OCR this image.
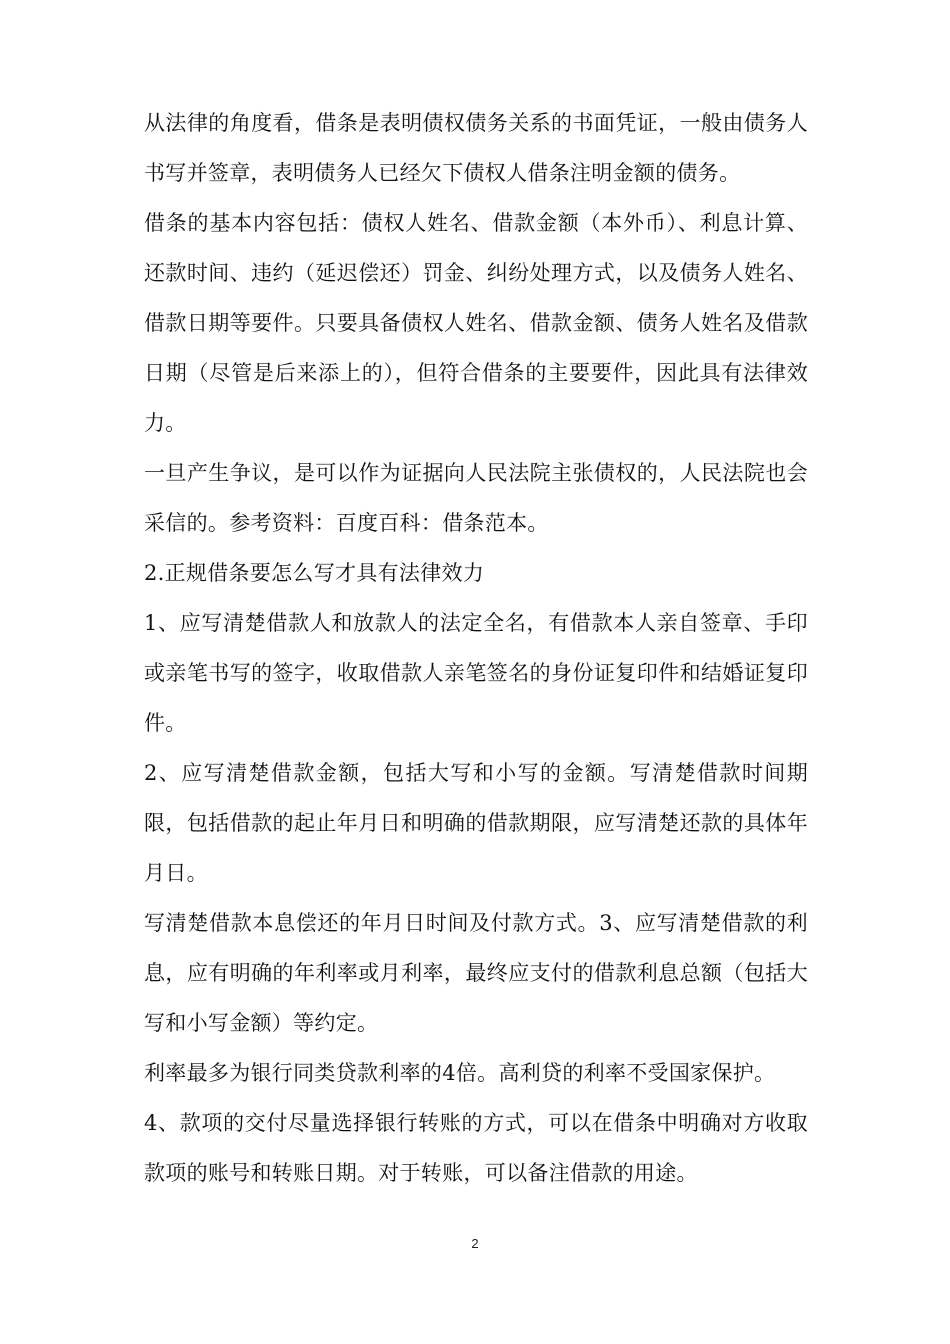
从法律的角度看，借条是表明债权债务关系的书面凭证，一般由债务人书写并签章，表明债务人已经欠下债权人借条注明金额的债务。

借条的基本内容包括：债权人姓名、借款金额（本外币）、利息计算、还款时间、违约（延迟偿还）罚金、纠纷处理方式，以及债务人姓名、借款日期等要件。只要具备债权人姓名、借款金额、债务人姓名及借款日期（尽管是后来添上的），但符合借条的主要要件，因此具有法律效力。

一旦产生争议，是可以作为证据向人民法院主张债权的，人民法院也会采信的。参考资料：百度百科：借条范本。

2.正规借条要怎么写才具有法律效力

1、应写清楚借款人和放款人的法定全名，有借款本人亲自签章、手印或亲笔书写的签字，收取借款人亲笔签名的身份证复印件和结婚证复印件。

2、应写清楚借款金额，包括大写和小写的金额。写清楚借款时间期限，包括借款的起止年月日和明确的借款期限，应写清楚还款的具体年月日。

写清楚借款本息偿还的年月日时间及付款方式。3、应写清楚借款的利息，应有明确的年利率或月利率，最终应支付的借款利息总额（包括大写和小写金额）等约定。

利率最多为银行同类贷款利率的4倍。高利贷的利率不受国家保护。

4、款项的交付尽量选择银行转账的方式，可以在借条中明确对方收取款项的账号和转账日期。对于转账，可以备注借款的用途。

2
